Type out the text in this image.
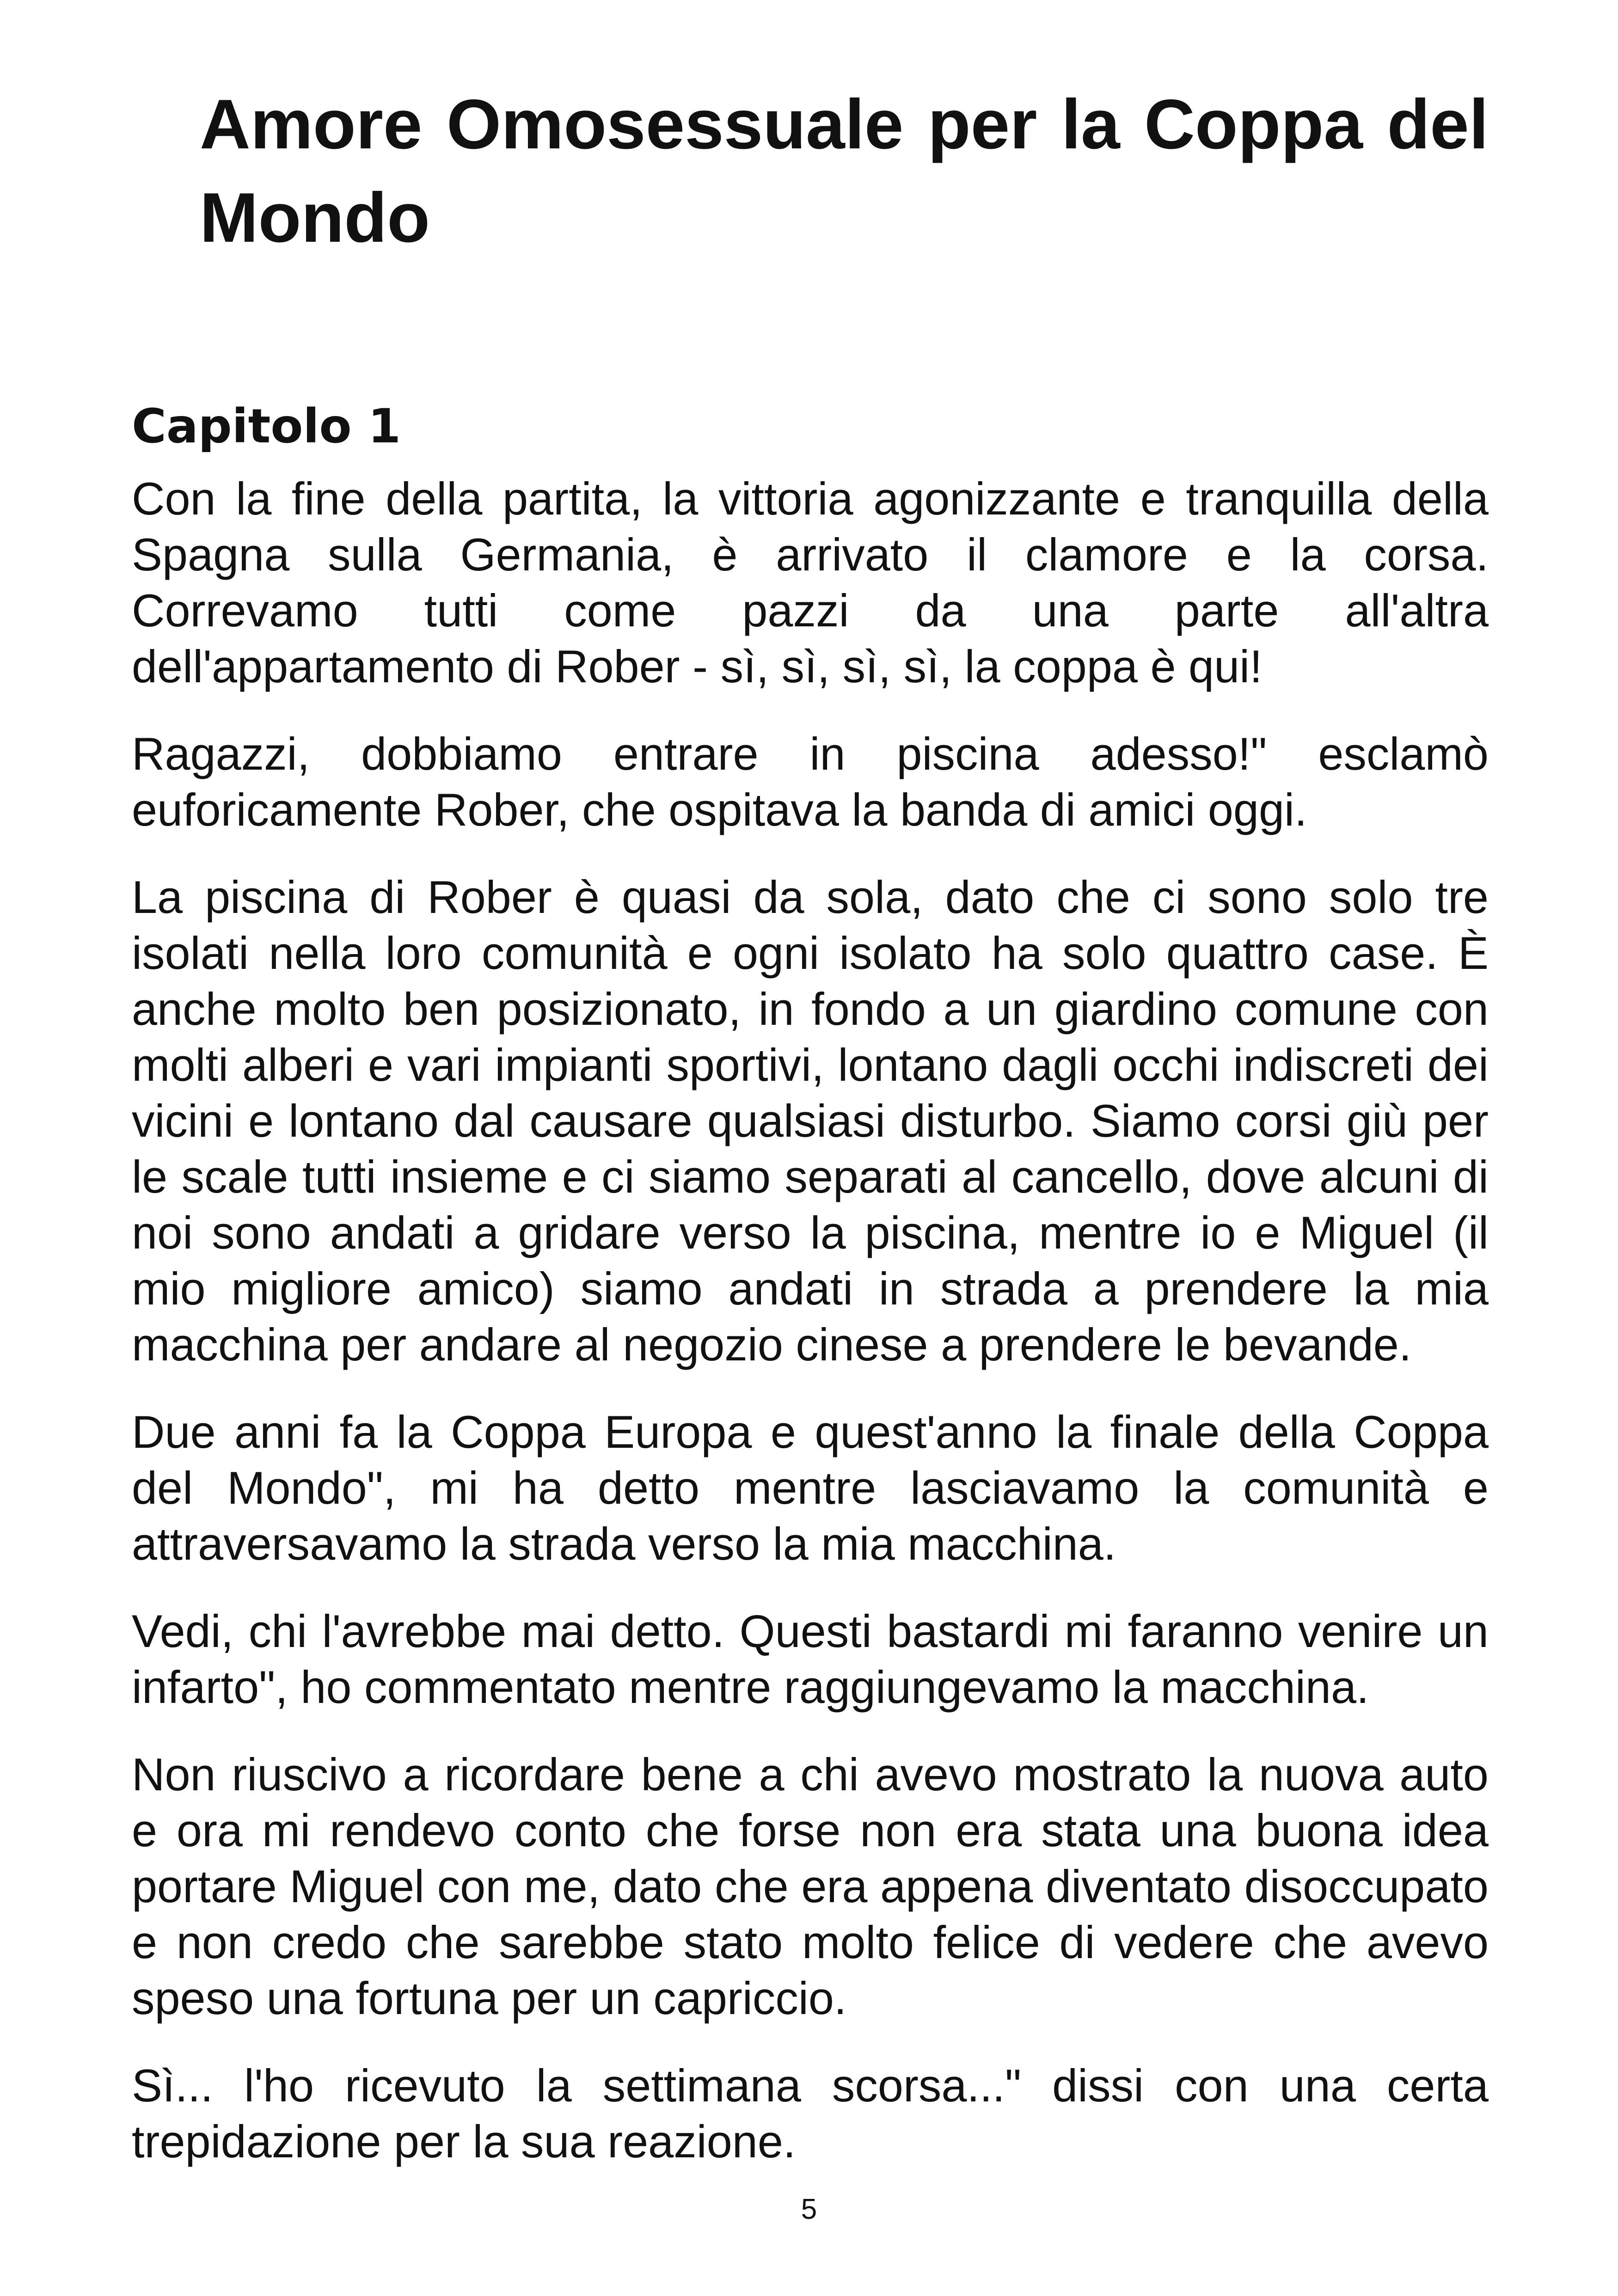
Amore Omosessuale per la Coppa del Mondo
Capitolo 1

Con la fine della partita, la vittoria agonizzante e tranquilla della Spagna sulla Germania, è arrivato il clamore e la corsa. Correvamo tutti come pazzi da una parte all'altra dell'appartamento di Rober - sì, sì, sì, sì, la coppa è qui!

Ragazzi, dobbiamo entrare in piscina adesso!" esclamò euforicamente Rober, che ospitava la banda di amici oggi.

La piscina di Rober è quasi da sola, dato che ci sono solo tre isolati nella loro comunità e ogni isolato ha solo quattro case. È anche molto ben posizionato, in fondo a un giardino comune con molti alberi e vari impianti sportivi, lontano dagli occhi indiscreti dei vicini e lontano dal causare qualsiasi disturbo. Siamo corsi giù per le scale tutti insieme e ci siamo separati al cancello, dove alcuni di noi sono andati a gridare verso la piscina, mentre io e Miguel (il mio migliore amico) siamo andati in strada a prendere la mia macchina per andare al negozio cinese a prendere le bevande.

Due anni fa la Coppa Europa e quest'anno la finale della Coppa del Mondo", mi ha detto mentre lasciavamo la comunità e attraversavamo la strada verso la mia macchina.

Vedi, chi l'avrebbe mai detto. Questi bastardi mi faranno venire un infarto", ho commentato mentre raggiungevamo la macchina.

Non riuscivo a ricordare bene a chi avevo mostrato la nuova auto e ora mi rendevo conto che forse non era stata una buona idea portare Miguel con me, dato che era appena diventato disoccupato e non credo che sarebbe stato molto felice di vedere che avevo speso una fortuna per un capriccio.

Sì... l'ho ricevuto la settimana scorsa..." dissi con una certa trepidazione per la sua reazione.

5
